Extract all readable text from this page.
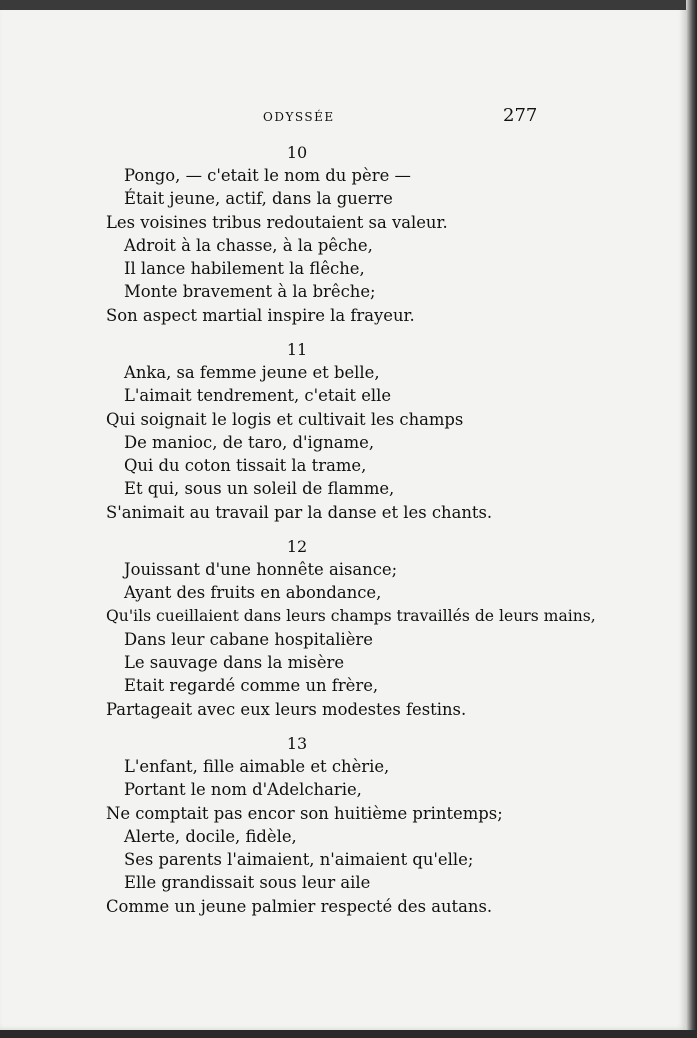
ODYSSÉE	277
10
Pongo, — c'etait le nom du père —
Était jeune, actif, dans la guerre
Les voisines tribus redoutaient sa valeur.
Adroit à la chasse, à la pêche,
Il lance habilement la flêche,
Monte bravement à la brêche;
Son aspect martial inspire la frayeur.
11
Anka, sa femme jeune et belle,
L'aimait tendrement, c'etait elle
Qui soignait le logis et cultivait les champs
De manioc, de taro, d'igname,
Qui du coton tissait la trame,
Et qui, sous un soleil de flamme,
S'animait au travail par la danse et les chants.
12
Jouissant d'une honnête aisance;
Ayant des fruits en abondance,
Qu'ils cueillaient dans leurs champs travaillés de leurs mains,
Dans leur cabane hospitalière
Le sauvage dans la misère
Etait regardé comme un frère,
Partageait avec eux leurs modestes festins.
13
L'enfant, fille aimable et chèrie,
Portant le nom d'Adelcharie,
Ne comptait pas encor son huitième printemps;
Alerte, docile, fidèle,
Ses parents l'aimaient, n'aimaient qu'elle;
Elle grandissait sous leur aile
Comme un jeune palmier respecté des autans.
